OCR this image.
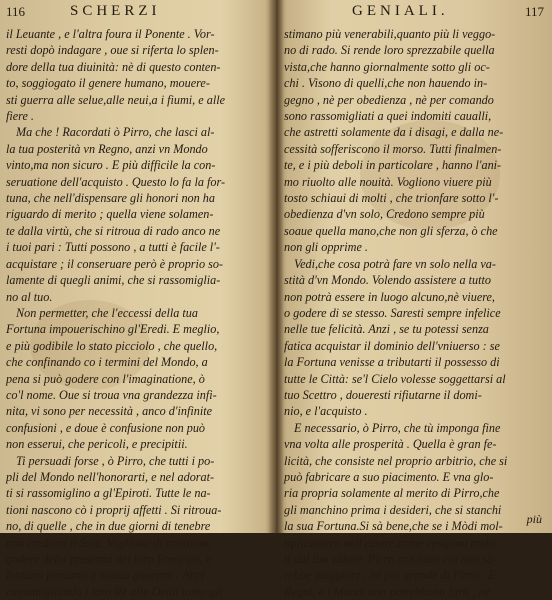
116	SCHERZI
il Leuante , e l'altra foura il Ponente . Vor-
resti dopò indagare , oue si riferta lo splen-
dore della tua diuinità: nè di questo conten-
to, soggiogato il genere humano, mouere-
sti guerra alle selue,alle neui,a i fiumi, e alle
fiere .
Ma che ! Racordati ò Pirro, che lasci al-
la tua posterità vn Regno, anzi vn Mondo
vinto,ma non sicuro . E più difficile la con-
seruatione dell'acquisto . Questo lo fa la for-
tuna, che nell'dispensare gli honori non ha
riguardo di merito ; quella viene solamen-
te dalla virtù, che si ritroua di rado anco ne
i tuoi pari : Tutti possono , a tutti è facile l'-
acquistare ; il conseruare però è proprio so-
lamente di quegli animi, che si rassomiglia-
no al tuo.
Non permetter, che l'eccessi della tua
Fortuna impouerischino gl'Eredi. E meglio,
e più godibile lo stato picciolo , che quello,
che confinando co i termini del Mondo, a
pena si può godere con l'imaginatione, ò
co'l nome. Oue si troua vna grandezza infi-
nita, vi sono per necessità , anco d'infinite
confusioni , e doue è confusione non può
non esserui, che pericoli, e precipitii.
Ti persuadi forse , ò Pirro, che tutti i po-
pli del Mondo nell'honorarti, e nel adorat-
ti si rassomiglino a gl'Epiroti. Tutte le na-
tioni nascono cò i proprij affetti . Si ritroua-
no, di quelle , che in due giorni di tenebre
non credono il Sole. Vogliono di continuo,
godere della presenza del loro Prencipe, e
lontano pensano a nuouo gouerno . Altri
rassomigliando i loro Rè alle Deità tanto gli
GENIALI.	117
stimano più venerabili,quanto più li veggo-
no di rado. Si rende loro sprezzabile quella
vista,che hanno giornalmente sotto gli oc-
chi . Visono di quelli,che non hauendo in-
gegno , nè per obedienza , nè per comando
sono rassomigliati a quei indomiti caualli,
che astretti solamente da i disagi, e dalla ne-
cessità sofferiscono il morso. Tutti finalmen-
te, e i più deboli in particolare , hanno l'ani-
mo riuolto alle nouità. Vogliono viuere più
tosto schiaui di molti , che trionfare sotto l'-
obedienza d'vn solo, Credono sempre più
soaue quella mano,che non gli sferza, ò che
non gli opprime .
Vedi,che cosa potrà fare vn solo nella va-
stità d'vn Mondo. Volendo assistere a tutto
non potrà essere in luogo alcuno,nè viuere,
o godere di se stesso. Saresti sempre infelice
nelle tue felicità. Anzi , se tu potessi senza
fatica acquistar il dominio dell'vniuerso : se
la Fortuna venisse a tributarti il possesso di
tutte le Città: se'l Cielo volesse soggettarsi al
tuo Scettro , doueresti rifiutarne il domi-
nio, e l'acquisto .
E necessario, ò Pirro, che tù imponga fine
vna volta alle prosperità . Quella è gran fe-
licità, che consiste nel proprio arbitrio, che si
può fabricare a suo piacimento. E vna glo-
ria propria solamente al merito di Pirro,che
gli manchino prima i desideri, che si stanchi
la sua Fortuna.Si sà bene,che se i Mòdi mol-
tiplicassero nell'essere,come vengono ambi-
ti dal tuo valore. Pirro con tutto ciò non sa-
rebbe maggiore , nè più grande di Pirro . E
Regni, e i Mondi non potrebbono farti , nè
più
